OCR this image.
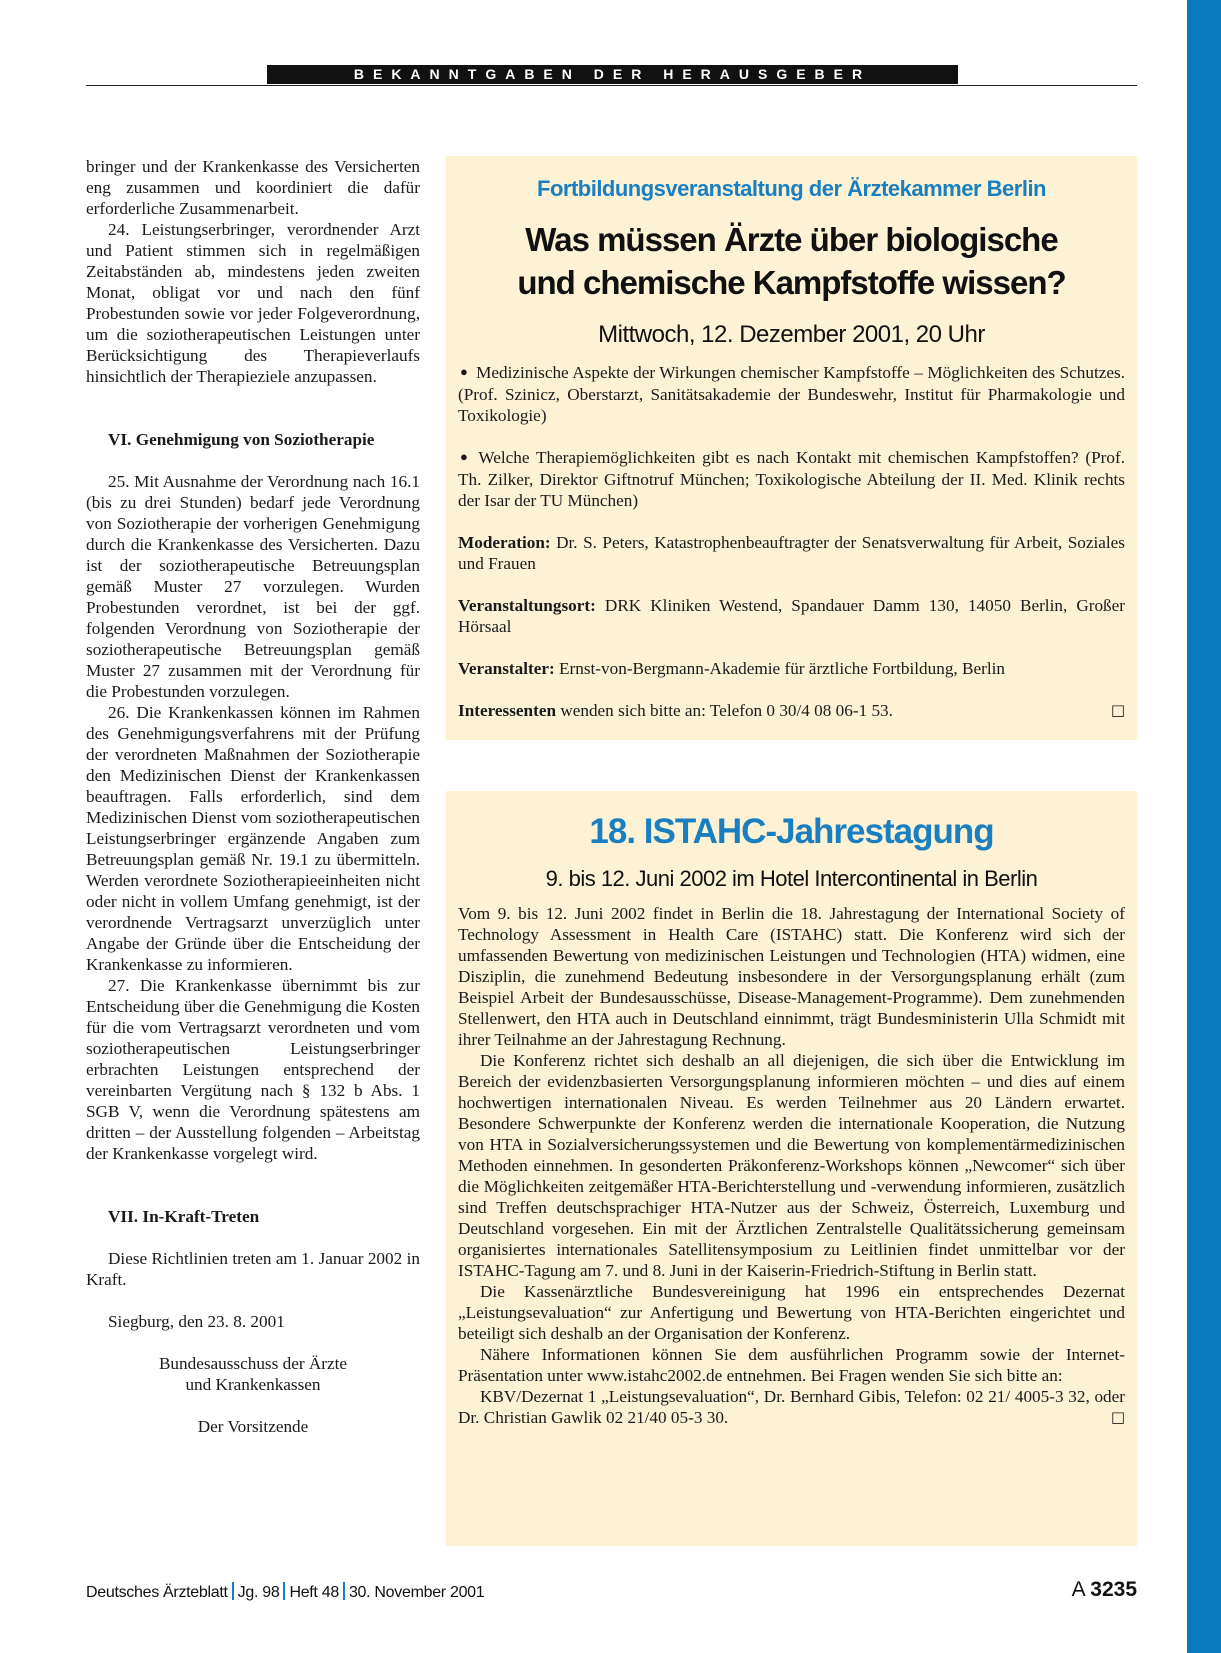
BEKANNTGABEN DER HERAUSGEBER

bringer und der Krankenkasse des Versicherten eng zusammen und koordiniert die dafür erforderliche Zusammenarbeit.

24. Leistungserbringer, verordnender Arzt und Patient stimmen sich in regelmäßigen Zeitabständen ab, mindestens jeden zweiten Monat, obligat vor und nach den fünf Probestunden sowie vor jeder Folgeverordnung, um die soziotherapeutischen Leistungen unter Berücksichtigung des Therapieverlaufs hinsichtlich der Therapieziele anzupassen.

VI. Genehmigung von Soziotherapie

25. Mit Ausnahme der Verordnung nach 16.1 (bis zu drei Stunden) bedarf jede Verordnung von Soziotherapie der vorherigen Genehmigung durch die Krankenkasse des Versicherten. Dazu ist der soziotherapeutische Betreuungsplan gemäß Muster 27 vorzulegen. Wurden Probestunden verordnet, ist bei der ggf. folgenden Verordnung von Soziotherapie der soziotherapeutische Betreuungsplan gemäß Muster 27 zusammen mit der Verordnung für die Probestunden vorzulegen.

26. Die Krankenkassen können im Rahmen des Genehmigungsverfahrens mit der Prüfung der verordneten Maßnahmen der Soziotherapie den Medizinischen Dienst der Krankenkassen beauftragen. Falls erforderlich, sind dem Medizinischen Dienst vom soziotherapeutischen Leistungserbringer ergänzende Angaben zum Betreuungsplan gemäß Nr. 19.1 zu übermitteln. Werden verordnete Soziotherapieeinheiten nicht oder nicht in vollem Umfang genehmigt, ist der verordnende Vertragsarzt unverzüglich unter Angabe der Gründe über die Entscheidung der Krankenkasse zu informieren.

27. Die Krankenkasse übernimmt bis zur Entscheidung über die Genehmigung die Kosten für die vom Vertragsarzt verordneten und vom soziotherapeutischen Leistungserbringer erbrachten Leistungen entsprechend der vereinbarten Vergütung nach § 132 b Abs. 1 SGB V, wenn die Verordnung spätestens am dritten – der Ausstellung folgenden – Arbeitstag der Krankenkasse vorgelegt wird.

VII. In-Kraft-Treten

Diese Richtlinien treten am 1. Januar 2002 in Kraft.

Siegburg, den 23. 8. 2001

Bundesausschuss der Ärzte

und Krankenkassen

Der Vorsitzende

Fortbildungsveranstaltung der Ärztekammer Berlin
Was müssen Ärzte über biologische
und chemische Kampfstoffe wissen?
Mittwoch, 12. Dezember 2001, 20 Uhr

● Medizinische Aspekte der Wirkungen chemischer Kampfstoffe – Möglichkeiten des Schutzes. (Prof. Szinicz, Oberstarzt, Sanitätsakademie der Bundeswehr, Institut für Pharmakologie und Toxikologie)

● Welche Therapiemöglichkeiten gibt es nach Kontakt mit chemischen Kampfstoffen? (Prof. Th. Zilker, Direktor Giftnotruf München; Toxikologische Abteilung der II. Med. Klinik rechts der Isar der TU München)

Moderation: Dr. S. Peters, Katastrophenbeauftragter der Senatsverwaltung für Arbeit, Soziales und Frauen

Veranstaltungsort: DRK Kliniken Westend, Spandauer Damm 130, 14050 Berlin, Großer Hörsaal

Veranstalter: Ernst-von-Bergmann-Akademie für ärztliche Fortbildung, Berlin

□
Interessenten wenden sich bitte an: Telefon 0 30/4 08 06-1 53.

18. ISTAHC-Jahrestagung
9. bis 12. Juni 2002 im Hotel Intercontinental in Berlin

Vom 9. bis 12. Juni 2002 findet in Berlin die 18. Jahrestagung der International Society of Technology Assessment in Health Care (ISTAHC) statt. Die Konferenz wird sich der umfassenden Bewertung von medizinischen Leistungen und Technologien (HTA) widmen, eine Disziplin, die zunehmend Bedeutung insbesondere in der Versorgungsplanung erhält (zum Beispiel Arbeit der Bundesausschüsse, Disease-Management-Programme). Dem zunehmenden Stellenwert, den HTA auch in Deutschland einnimmt, trägt Bundesministerin Ulla Schmidt mit ihrer Teilnahme an der Jahrestagung Rechnung.

Die Konferenz richtet sich deshalb an all diejenigen, die sich über die Entwicklung im Bereich der evidenzbasierten Versorgungsplanung informieren möchten – und dies auf einem hochwertigen internationalen Niveau. Es werden Teilnehmer aus 20 Ländern erwartet. Besondere Schwerpunkte der Konferenz werden die internationale Kooperation, die Nutzung von HTA in Sozialversicherungssystemen und die Bewertung von komplementärmedizinischen Methoden einnehmen. In gesonderten Präkonferenz-Workshops können „Newcomer“ sich über die Möglichkeiten zeitgemäßer HTA-Berichterstellung und -verwendung informieren, zusätzlich sind Treffen deutschsprachiger HTA-Nutzer aus der Schweiz, Österreich, Luxemburg und Deutschland vorgesehen. Ein mit der Ärztlichen Zentralstelle Qualitätssicherung gemeinsam organisiertes internationales Satellitensymposium zu Leitlinien findet unmittelbar vor der ISTAHC-Tagung am 7. und 8. Juni in der Kaiserin-Friedrich-Stiftung in Berlin statt.

Die Kassenärztliche Bundesvereinigung hat 1996 ein entsprechendes Dezernat „Leistungsevaluation“ zur Anfertigung und Bewertung von HTA-Berichten eingerichtet und beteiligt sich deshalb an der Organisation der Konferenz.

Nähere Informationen können Sie dem ausführlichen Programm sowie der Internet-Präsentation unter www.istahc2002.de entnehmen. Bei Fragen wenden Sie sich bitte an:

KBV/Dezernat 1 „Leistungsevaluation“, Dr. Bernhard Gibis, Telefon: 02 21/ 4005-3 32, oder Dr. Christian Gawlik 02 21/40 05-3 30.	□

Deutsches Ärzteblatt Jg. 98 Heft 48 30. November 2001	A 3235
